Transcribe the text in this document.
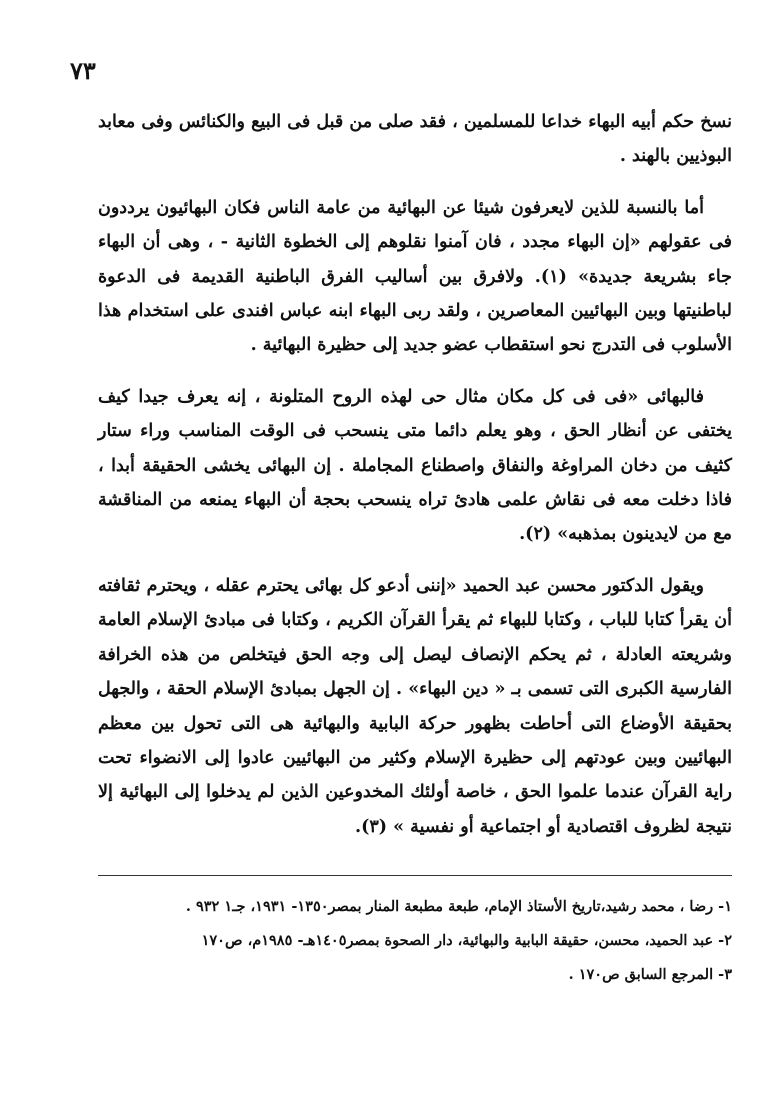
٧٣

نسخ حكم أبيه البهاء خداعا للمسلمين ، فقد صلى من قبل فى البيع والكنائس وفى معابد البوذيين بالهند .

أما بالنسبة للذين لايعرفون شيئا عن البهائية من عامة الناس فكان البهائيون يرددون فى عقولهم «إن البهاء مجدد ، فان آمنوا نقلوهم إلى الخطوة الثانية - ، وهى أن البهاء جاء بشريعة جديدة» (١). ولافرق بين أساليب الفرق الباطنية القديمة فى الدعوة لباطنيتها وبين البهائيين المعاصرين ، ولقد ربى البهاء ابنه عباس افندى على استخدام هذا الأسلوب فى التدرج نحو استقطاب عضو جديد إلى حظيرة البهائية .

فالبهائى «فى فى كل مكان مثال حى لهذه الروح المتلونة ، إنه يعرف جيدا كيف يختفى عن أنظار الحق ، وهو يعلم دائما متى ينسحب فى الوقت المناسب وراء ستار كثيف من دخان المراوغة والنفاق واصطناع المجاملة . إن البهائى يخشى الحقيقة أبدا ، فاذا دخلت معه فى نقاش علمى هادئ تراه ينسحب بحجة أن البهاء يمنعه من المناقشة مع من لايدينون بمذهبه» (٢).

ويقول الدكتور محسن عبد الحميد «إننى أدعو كل بهائى يحترم عقله ، ويحترم ثقافته أن يقرأ كتابا للباب ، وكتابا للبهاء ثم يقرأ القرآن الكريم ، وكتابا فى مبادئ الإسلام العامة وشريعته العادلة ، ثم يحكم الإنصاف ليصل إلى وجه الحق فيتخلص من هذه الخرافة الفارسية الكبرى التى تسمى بـ « دين البهاء» . إن الجهل بمبادئ الإسلام الحقة ، والجهل بحقيقة الأوضاع التى أحاطت بظهور حركة البابية والبهائية هى التى تحول بين معظم البهائيين وبين عودتهم إلى حظيرة الإسلام وكثير من البهائيين عادوا إلى الانضواء تحت راية القرآن عندما علموا الحق ، خاصة أولئك المخدوعين الذين لم يدخلوا إلى البهائية إلا نتيجة لظروف اقتصادية أو اجتماعية أو نفسية » (٣).

١- رضا ، محمد رشيد،تاريخ الأستاذ الإمام، طبعة مطبعة المنار بمصر١٣٥٠- ١٩٣١، جـ١ ٩٣٢ .
٢- عبد الحميد، محسن، حقيقة البابية والبهائية، دار الصحوة بمصر١٤٠٥هـ- ١٩٨٥م، ص١٧٠
٣- المرجع السابق ص١٧٠ .
